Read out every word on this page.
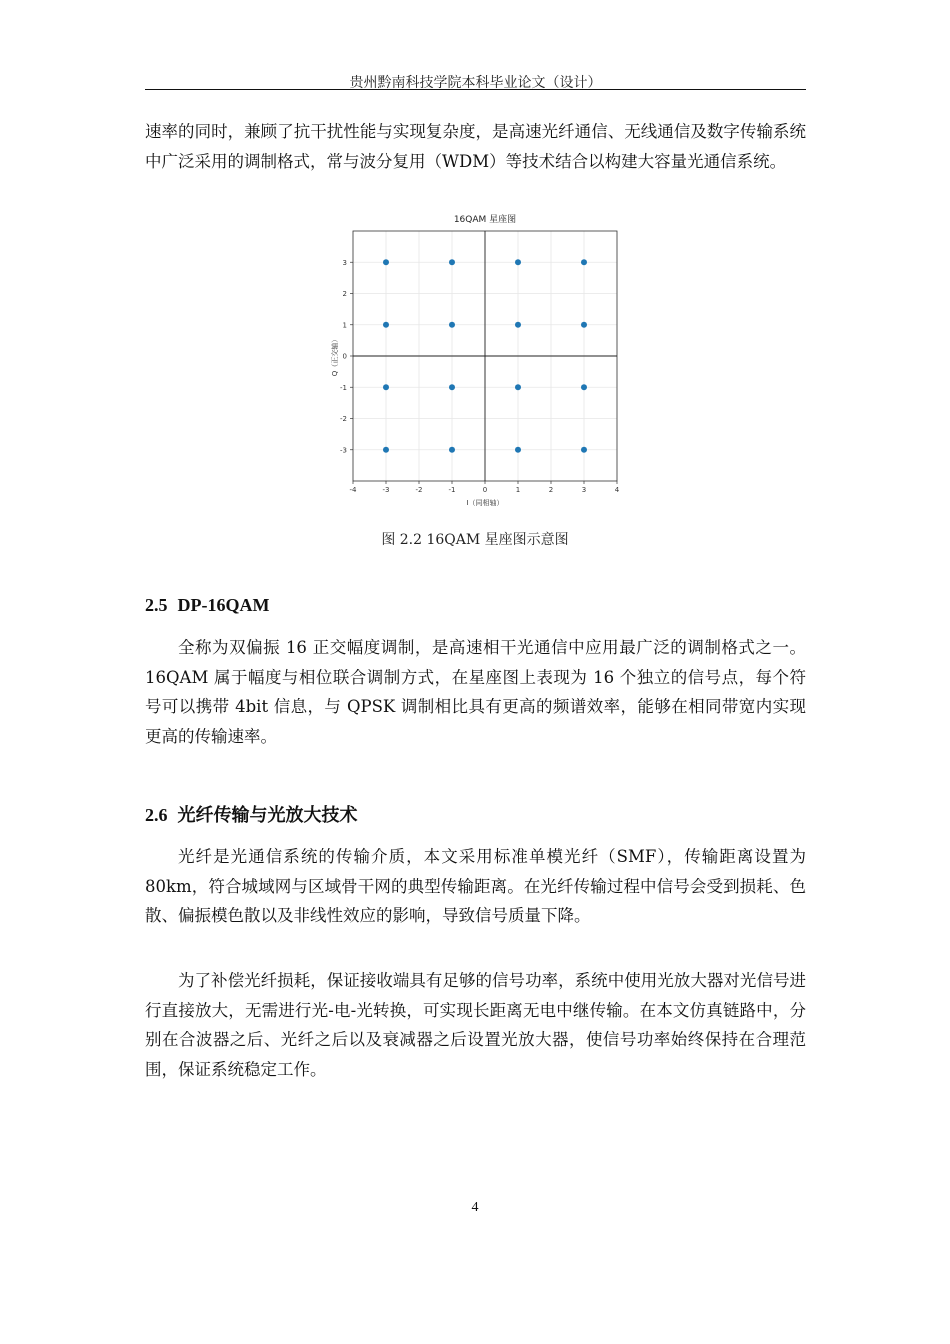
贵州黔南科技学院本科毕业论文（设计）

速率的同时，兼顾了抗干扰性能与实现复杂度，是高速光纤通信、无线通信及数字传输系统中广泛采用的调制格式，常与波分复用（WDM）等技术结合以构建大容量光通信系统。

-4	-3	-2	-1	0	1	2	3	4
-3
-2
-1
0
1
2
3
16QAM 星座图
I（同相轴）
Q（正交轴）
图 2.2 16QAM 星座图示意图
2.5 DP-16QAM

全称为双偏振 16 正交幅度调制，是高速相干光通信中应用最广泛的调制格式之一。16QAM 属于幅度与相位联合调制方式，在星座图上表现为 16 个独立的信号点，每个符号可以携带 4bit 信息，与 QPSK 调制相比具有更高的频谱效率，能够在相同带宽内实现更高的传输速率。

2.6 光纤传输与光放大技术

光纤是光通信系统的传输介质，本文采用标准单模光纤（SMF），传输距离设置为 80km，符合城域网与区域骨干网的典型传输距离。在光纤传输过程中信号会受到损耗、色散、偏振模色散以及非线性效应的影响，导致信号质量下降。

为了补偿光纤损耗，保证接收端具有足够的信号功率，系统中使用光放大器对光信号进行直接放大，无需进行光-电-光转换，可实现长距离无电中继传输。在本文仿真链路中，分别在合波器之后、光纤之后以及衰减器之后设置光放大器，使信号功率始终保持在合理范围，保证系统稳定工作。

4
